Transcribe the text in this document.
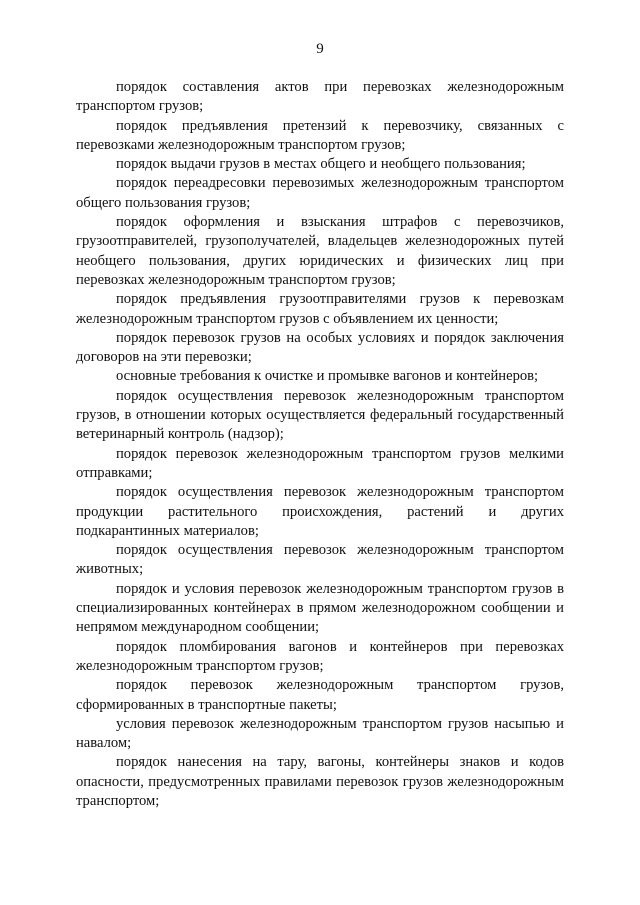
9

порядок составления актов при перевозках железнодорожным транспортом грузов;

порядок предъявления претензий к перевозчику, связанных с перевозками железнодорожным транспортом грузов;

порядок выдачи грузов в местах общего и необщего пользования;

порядок переадресовки перевозимых железнодорожным транспортом общего пользования грузов;

порядок оформления и взыскания штрафов с перевозчиков, грузоотправителей, грузополучателей, владельцев железнодорожных путей необщего пользования, других юридических и физических лиц при перевозках железнодорожным транспортом грузов;

порядок предъявления грузоотправителями грузов к перевозкам железнодорожным транспортом грузов с объявлением их ценности;

порядок перевозок грузов на особых условиях и порядок заключения договоров на эти перевозки;

основные требования к очистке и промывке вагонов и контейнеров;

порядок осуществления перевозок железнодорожным транспортом грузов, в отношении которых осуществляется федеральный государственный ветеринарный контроль (надзор);

порядок перевозок железнодорожным транспортом грузов мелкими отправками;

порядок осуществления перевозок железнодорожным транспортом продукции растительного происхождения, растений и других подкарантинных материалов;

порядок осуществления перевозок железнодорожным транспортом животных;

порядок и условия перевозок железнодорожным транспортом грузов в специализированных контейнерах в прямом железнодорожном сообщении и непрямом международном сообщении;

порядок пломбирования вагонов и контейнеров при перевозках железнодорожным транспортом грузов;

порядок перевозок железнодорожным транспортом грузов, сформированных в транспортные пакеты;

условия перевозок железнодорожным транспортом грузов насыпью и навалом;

порядок нанесения на тару, вагоны, контейнеры знаков и кодов опасности, предусмотренных правилами перевозок грузов железнодорожным транспортом;
